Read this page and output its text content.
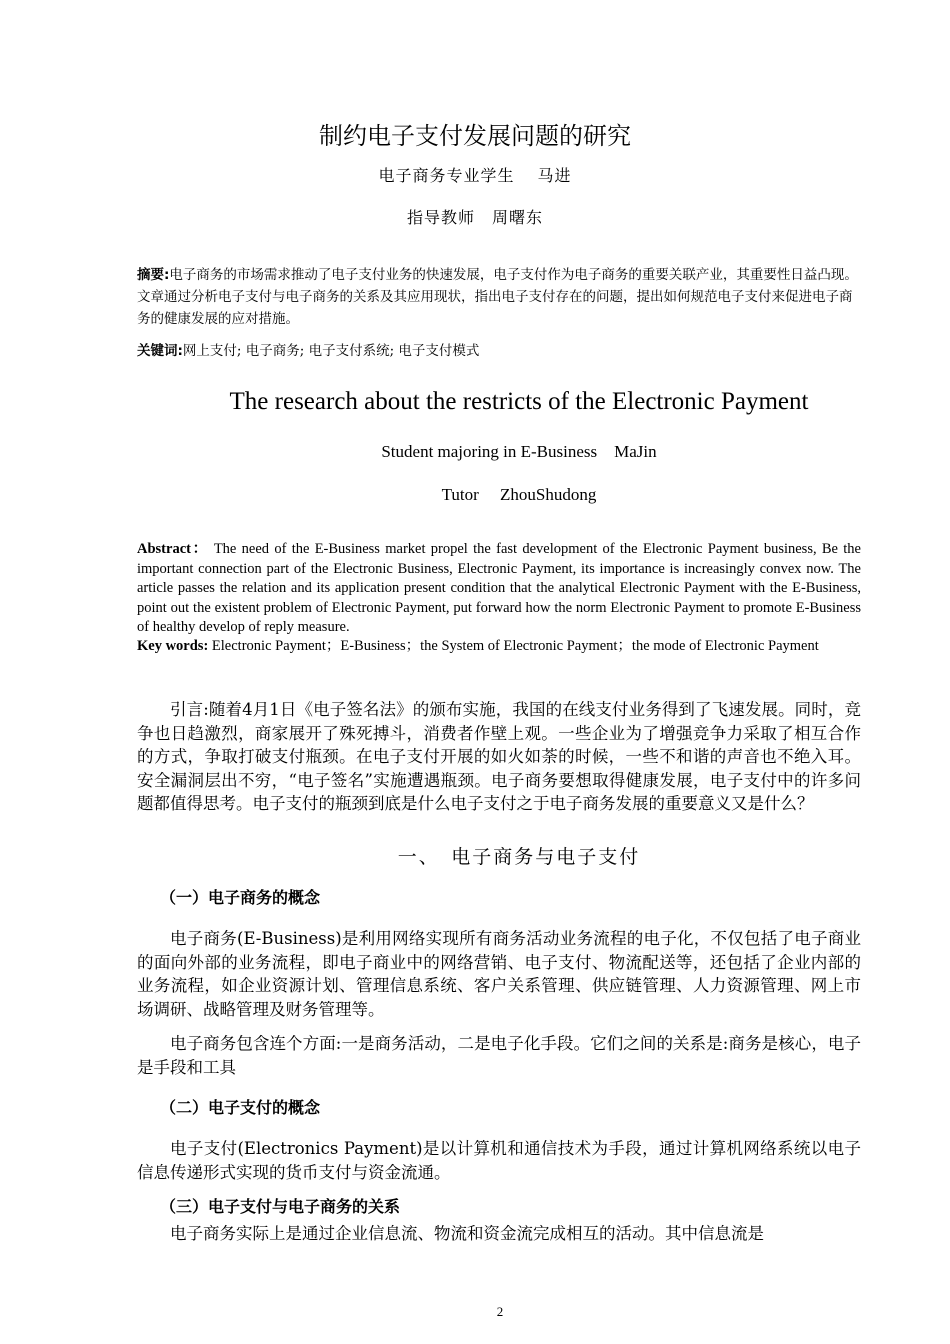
制约电子支付发展问题的研究
电子商务专业学生　 马进
指导教师　周曙东
摘要:电子商务的市场需求推动了电子支付业务的快速发展，电子支付作为电子商务的重要关联产业，其重要性日益凸现。文章通过分析电子支付与电子商务的关系及其应用现状，指出电子支付存在的问题，提出如何规范电子支付来促进电子商务的健康发展的应对措施。
关键词:网上支付; 电子商务; 电子支付系统; 电子支付模式
The research about the restricts of the Electronic Payment
Student majoring in E-Business　MaJin
Tutor　 ZhouShudong
Abstract： The need of the E-Business market propel the fast development of the Electronic Payment business, Be the important connection part of the Electronic Business, Electronic Payment, its importance is increasingly convex now. The article passes the relation and its application present condition that the analytical Electronic Payment with the E-Business, point out the existent problem of Electronic Payment, put forward how the norm Electronic Payment to promote E-Business of healthy develop of reply measure.
Key words: Electronic Payment；E-Business；the System of Electronic Payment；the mode of Electronic Payment
引言:随着4月1日《电子签名法》的颁布实施，我国的在线支付业务得到了飞速发展。同时，竞争也日趋激烈，商家展开了殊死搏斗，消费者作壁上观。一些企业为了增强竞争力采取了相互合作的方式，争取打破支付瓶颈。在电子支付开展的如火如荼的时候，一些不和谐的声音也不绝入耳。安全漏洞层出不穷，“电子签名”实施遭遇瓶颈。电子商务要想取得健康发展，电子支付中的许多问题都值得思考。电子支付的瓶颈到底是什么电子支付之于电子商务发展的重要意义又是什么？
一、　电子商务与电子支付
（一）电子商务的概念
电子商务(E-Business)是利用网络实现所有商务活动业务流程的电子化，不仅包括了电子商业的面向外部的业务流程，即电子商业中的网络营销、电子支付、物流配送等，还包括了企业内部的业务流程，如企业资源计划、管理信息系统、客户关系管理、供应链管理、人力资源管理、网上市场调研、战略管理及财务管理等。
电子商务包含连个方面:一是商务活动，二是电子化手段。它们之间的关系是:商务是核心，电子是手段和工具
（二）电子支付的概念
电子支付(Electronics Payment)是以计算机和通信技术为手段，通过计算机网络系统以电子信息传递形式实现的货币支付与资金流通。
（三）电子支付与电子商务的关系
电子商务实际上是通过企业信息流、物流和资金流完成相互的活动。其中信息流是
2
